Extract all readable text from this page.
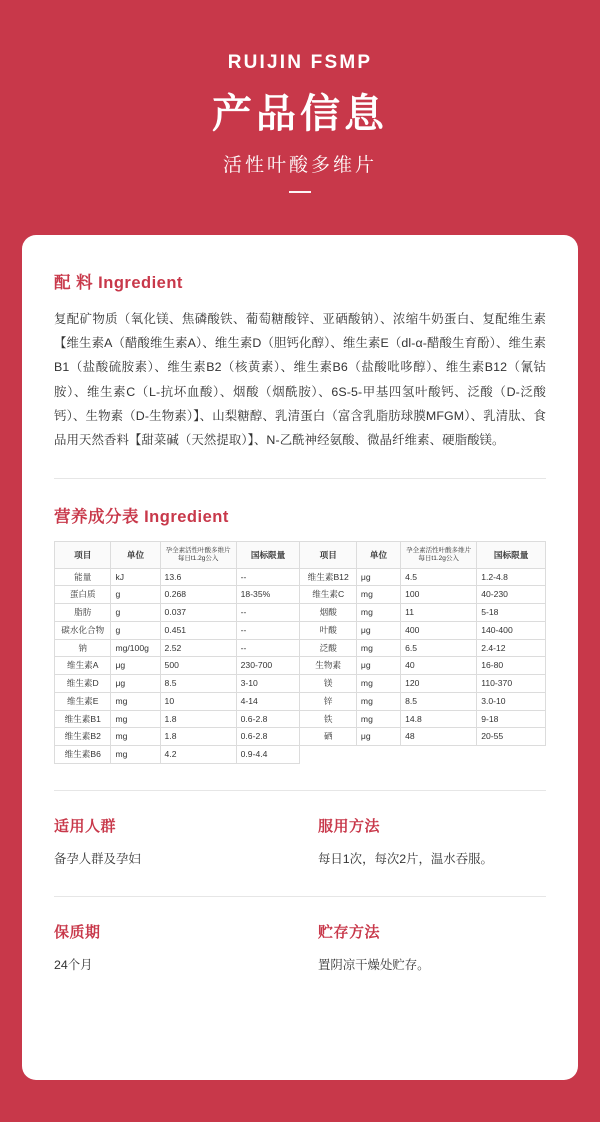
RUIJIN FSMP
产品信息
活性叶酸多维片
配 料 Ingredient

复配矿物质（氧化镁、焦磷酸铁、葡萄糖酸锌、亚硒酸钠）、浓缩牛奶蛋白、复配维生素【维生素A（醋酸维生素A）、维生素D（胆钙化醇）、维生素E（dl-α-醋酸生育酚）、维生素B1（盐酸硫胺素）、维生素B2（核黄素）、维生素B6（盐酸吡哆醇）、维生素B12（氰钴胺）、维生素C（L-抗坏血酸）、烟酸（烟酰胺）、6S-5-甲基四氢叶酸钙、泛酸（D-泛酸钙）、生物素（D-生物素）】、山梨糖醇、乳清蛋白（富含乳脂肪球膜MFGM）、乳清肽、食品用天然香料【甜菜碱（天然提取）】、N-乙酰神经氨酸、微晶纤维素、硬脂酸镁。

营养成分表 Ingredient
项目	单位	孕全素活性叶酸多维片每日t1.2g公入	国标限量	项目	单位	孕全素活性叶酸多维片每日t1.2g公入	国标限量
能量	kJ	13.6	--	维生素B12	μg	4.5	1.2-4.8
蛋白质	g	0.268	18-35%	维生素C	mg	100	40-230
脂肪	g	0.037	--	烟酸	mg	11	5-18
碳水化合物	g	0.451	--	叶酸	μg	400	140-400
钠	mg/100g	2.52	--	泛酸	mg	6.5	2.4-12
维生素A	μg	500	230-700	生物素	μg	40	16-80
维生素D	μg	8.5	3-10	镁	mg	120	110-370
维生素E	mg	10	4-14	锌	mg	8.5	3.0-10
维生素B1	mg	1.8	0.6-2.8	铁	mg	14.8	9-18
维生素B2	mg	1.8	0.6-2.8	硒	μg	48	20-55
维生素B6	mg	4.2	0.9-4.4				
适用人群

备孕人群及孕妇

服用方法

每日1次，每次2片，温水吞服。

保质期

24个月

贮存方法

置阴凉干燥处贮存。
